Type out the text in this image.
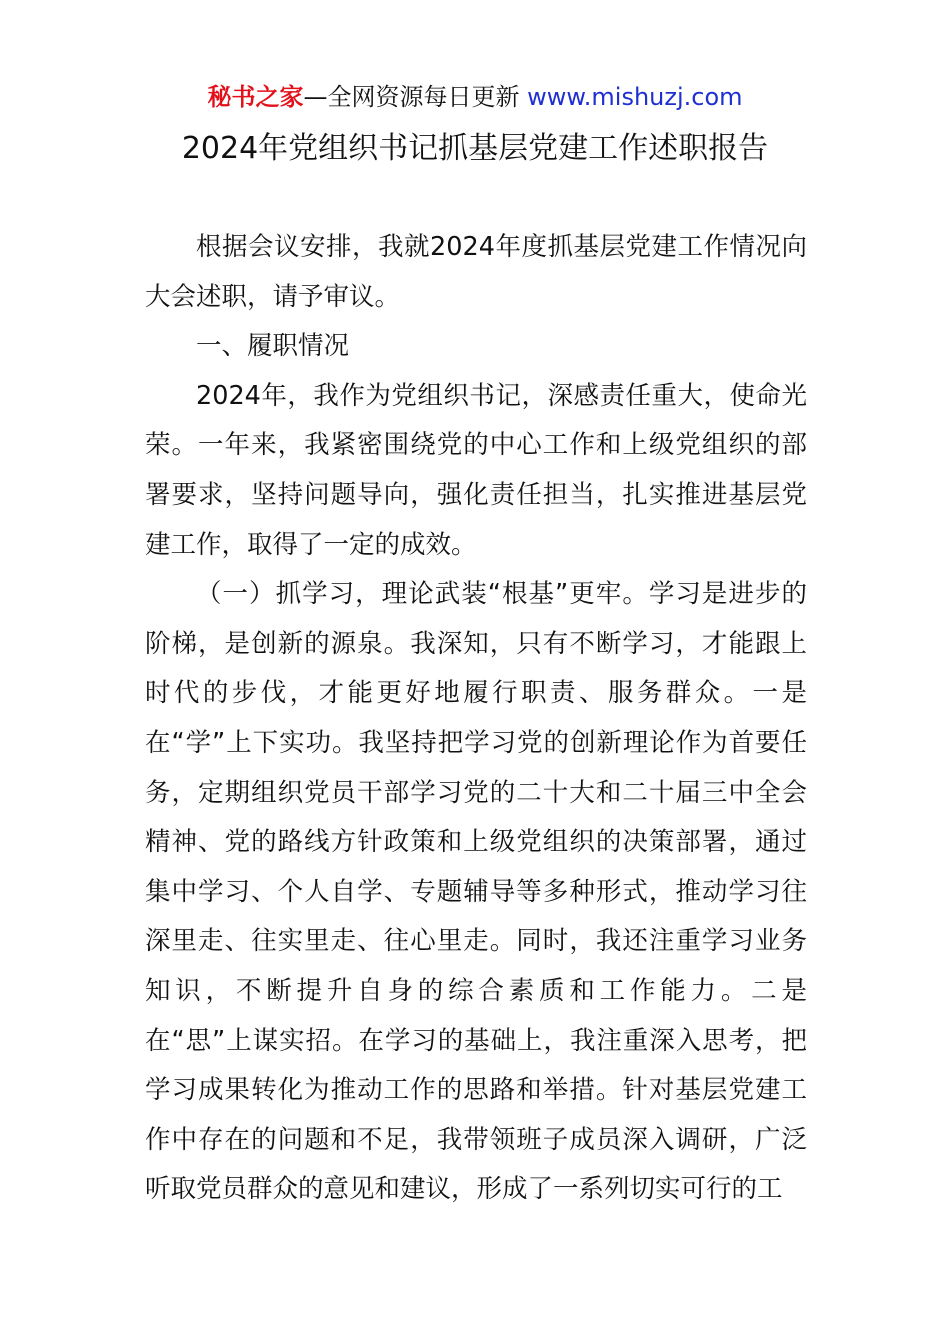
秘书之家—全网资源每日更新 www.mishuzj.com
2024年党组织书记抓基层党建工作述职报告

根据会议安排，我就2024年度抓基层党建工作情况向大会述职，请予审议。

一、履职情况

2024年，我作为党组织书记，深感责任重大，使命光荣。一年来，我紧密围绕党的中心工作和上级党组织的部署要求，坚持问题导向，强化责任担当，扎实推进基层党建工作，取得了一定的成效。

（一）抓学习，理论武装“根基”更牢。学习是进步的阶梯，是创新的源泉。我深知，只有不断学习，才能跟上时代的步伐，才能更好地履行职责、服务群众。一是在“学”上下实功。我坚持把学习党的创新理论作为首要任务，定期组织党员干部学习党的二十大和二十届三中全会精神、党的路线方针政策和上级党组织的决策部署，通过集中学习、个人自学、专题辅导等多种形式，推动学习往深里走、往实里走、往心里走。同时，我还注重学习业务知识，不断提升自身的综合素质和工作能力。二是在“思”上谋实招。在学习的基础上，我注重深入思考，把学习成果转化为推动工作的思路和举措。针对基层党建工作中存在的问题和不足，我带领班子成员深入调研，广泛听取党员群众的意见和建议，形成了一系列切实可行的工
